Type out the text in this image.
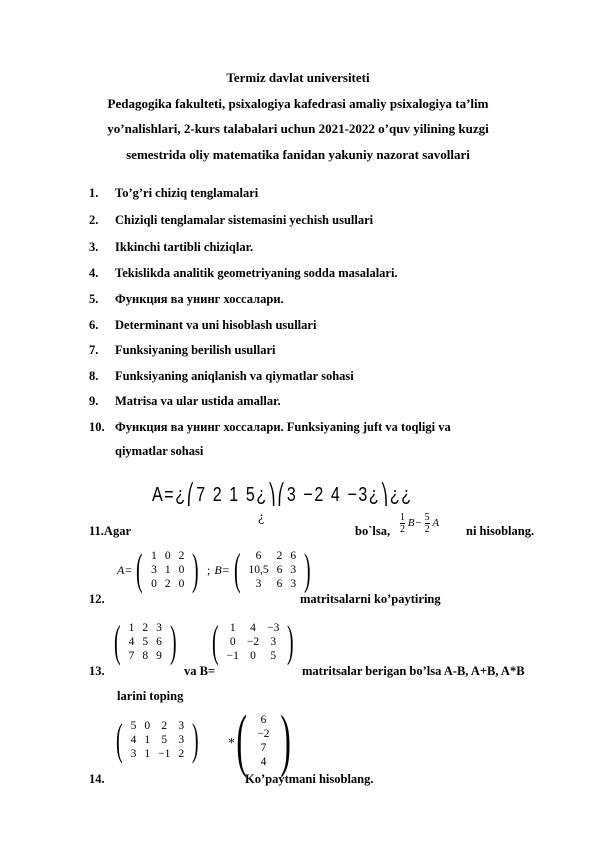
Termiz davlat universiteti
Pedagogika fakulteti, psixalogiya kafedrasi amaliy psixalogiya ta’lim
yo’nalishlari, 2-kurs talabalari uchun 2021-2022 o’quv yilining kuzgi
semestrida oliy matematika fanidan yakuniy nazorat savollari
1. To’g’ri chiziq tenglamalari
2. Chiziqli tenglamalar sistemasini yechish usullari
3. Ikkinchi tartibli chiziqlar.
4. Tekislikda analitik geometriyaning sodda masalalari.
5. Функция ва унинг хоссалари.
6. Determinant va uni hisoblash usullari
7. Funksiyaning berilish usullari
8. Funksiyaning aniqlanish va qiymatlar sohasi
9. Matrisa va ular ustida amallar.
10. Функция ва унинг хоссалари. Funksiyaning juft va toqligi va
qiymatlar sohasi
A=¿⎛7 2 1 5¿⎞⎛3 −2 4 −3¿⎞¿¿
¿
11.Agar	bo`lsa, $\frac{1}{2} B- \frac{5}{2}$ A
ni hisoblang.
A= ( 1	0	2
3	1	0
0	2	0 ) ; B= ( 6	2	6
10,5	6	3
3	6	3 )
12.	matritsalarni ko’paytiring
( 1	2	3
4	5	6
7	8	9 ) ( 1	4	−3
0	−2	3
−1	0	5 )
13.	va B=	matritsalar berigan bo’lsa A-B, A+B, A*B
larini toping
( 5	0	2	3
4	1	5	3
3	1	−1	2 ) * ( 6
−2
7
4 )
14.	Ko’paytmani hisoblang.
